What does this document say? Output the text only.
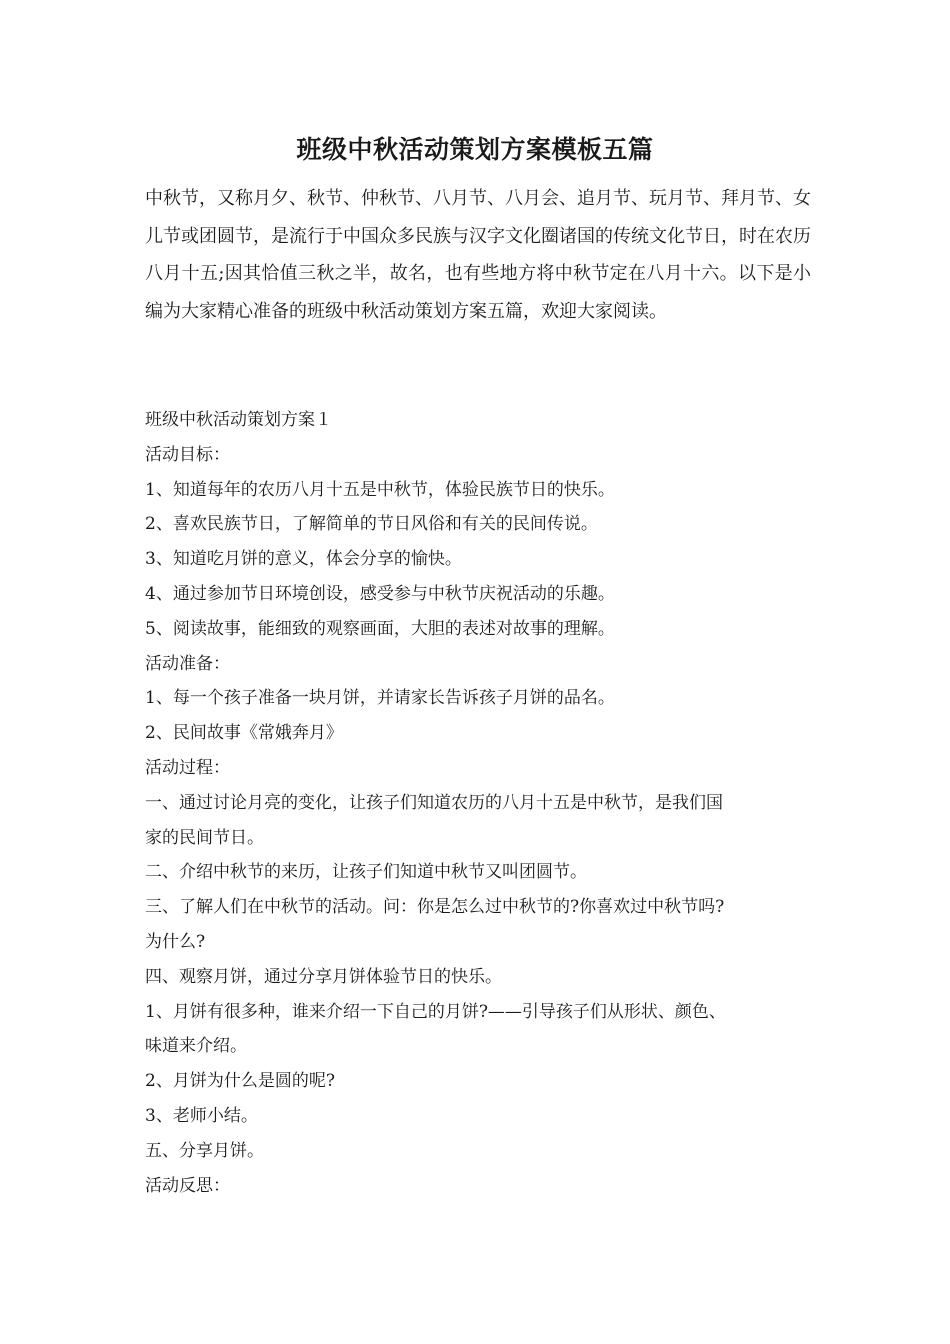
班级中秋活动策划方案模板五篇

中秋节，又称月夕、秋节、仲秋节、八月节、八月会、追月节、玩月节、拜月节、女儿节或团圆节，是流行于中国众多民族与汉字文化圈诸国的传统文化节日，时在农历八月十五;因其恰值三秋之半，故名，也有些地方将中秋节定在八月十六。以下是小编为大家精心准备的班级中秋活动策划方案五篇，欢迎大家阅读。

班级中秋活动策划方案１
活动目标：
1、知道每年的农历八月十五是中秋节，体验民族节日的快乐。
2、喜欢民族节日，了解简单的节日风俗和有关的民间传说。
3、知道吃月饼的意义，体会分享的愉快。
4、通过参加节日环境创设，感受参与中秋节庆祝活动的乐趣。
5、阅读故事，能细致的观察画面，大胆的表述对故事的理解。
活动准备：
1、每一个孩子准备一块月饼，并请家长告诉孩子月饼的品名。
2、民间故事《常娥奔月》
活动过程：
一、通过讨论月亮的变化，让孩子们知道农历的八月十五是中秋节，是我们国
家的民间节日。
二、介绍中秋节的来历，让孩子们知道中秋节又叫团圆节。
三、了解人们在中秋节的活动。问：你是怎么过中秋节的?你喜欢过中秋节吗?
为什么?
四、观察月饼，通过分享月饼体验节日的快乐。
1、月饼有很多种，谁来介绍一下自己的月饼?——引导孩子们从形状、颜色、
味道来介绍。
2、月饼为什么是圆的呢?
3、老师小结。
五、分享月饼。
活动反思：
